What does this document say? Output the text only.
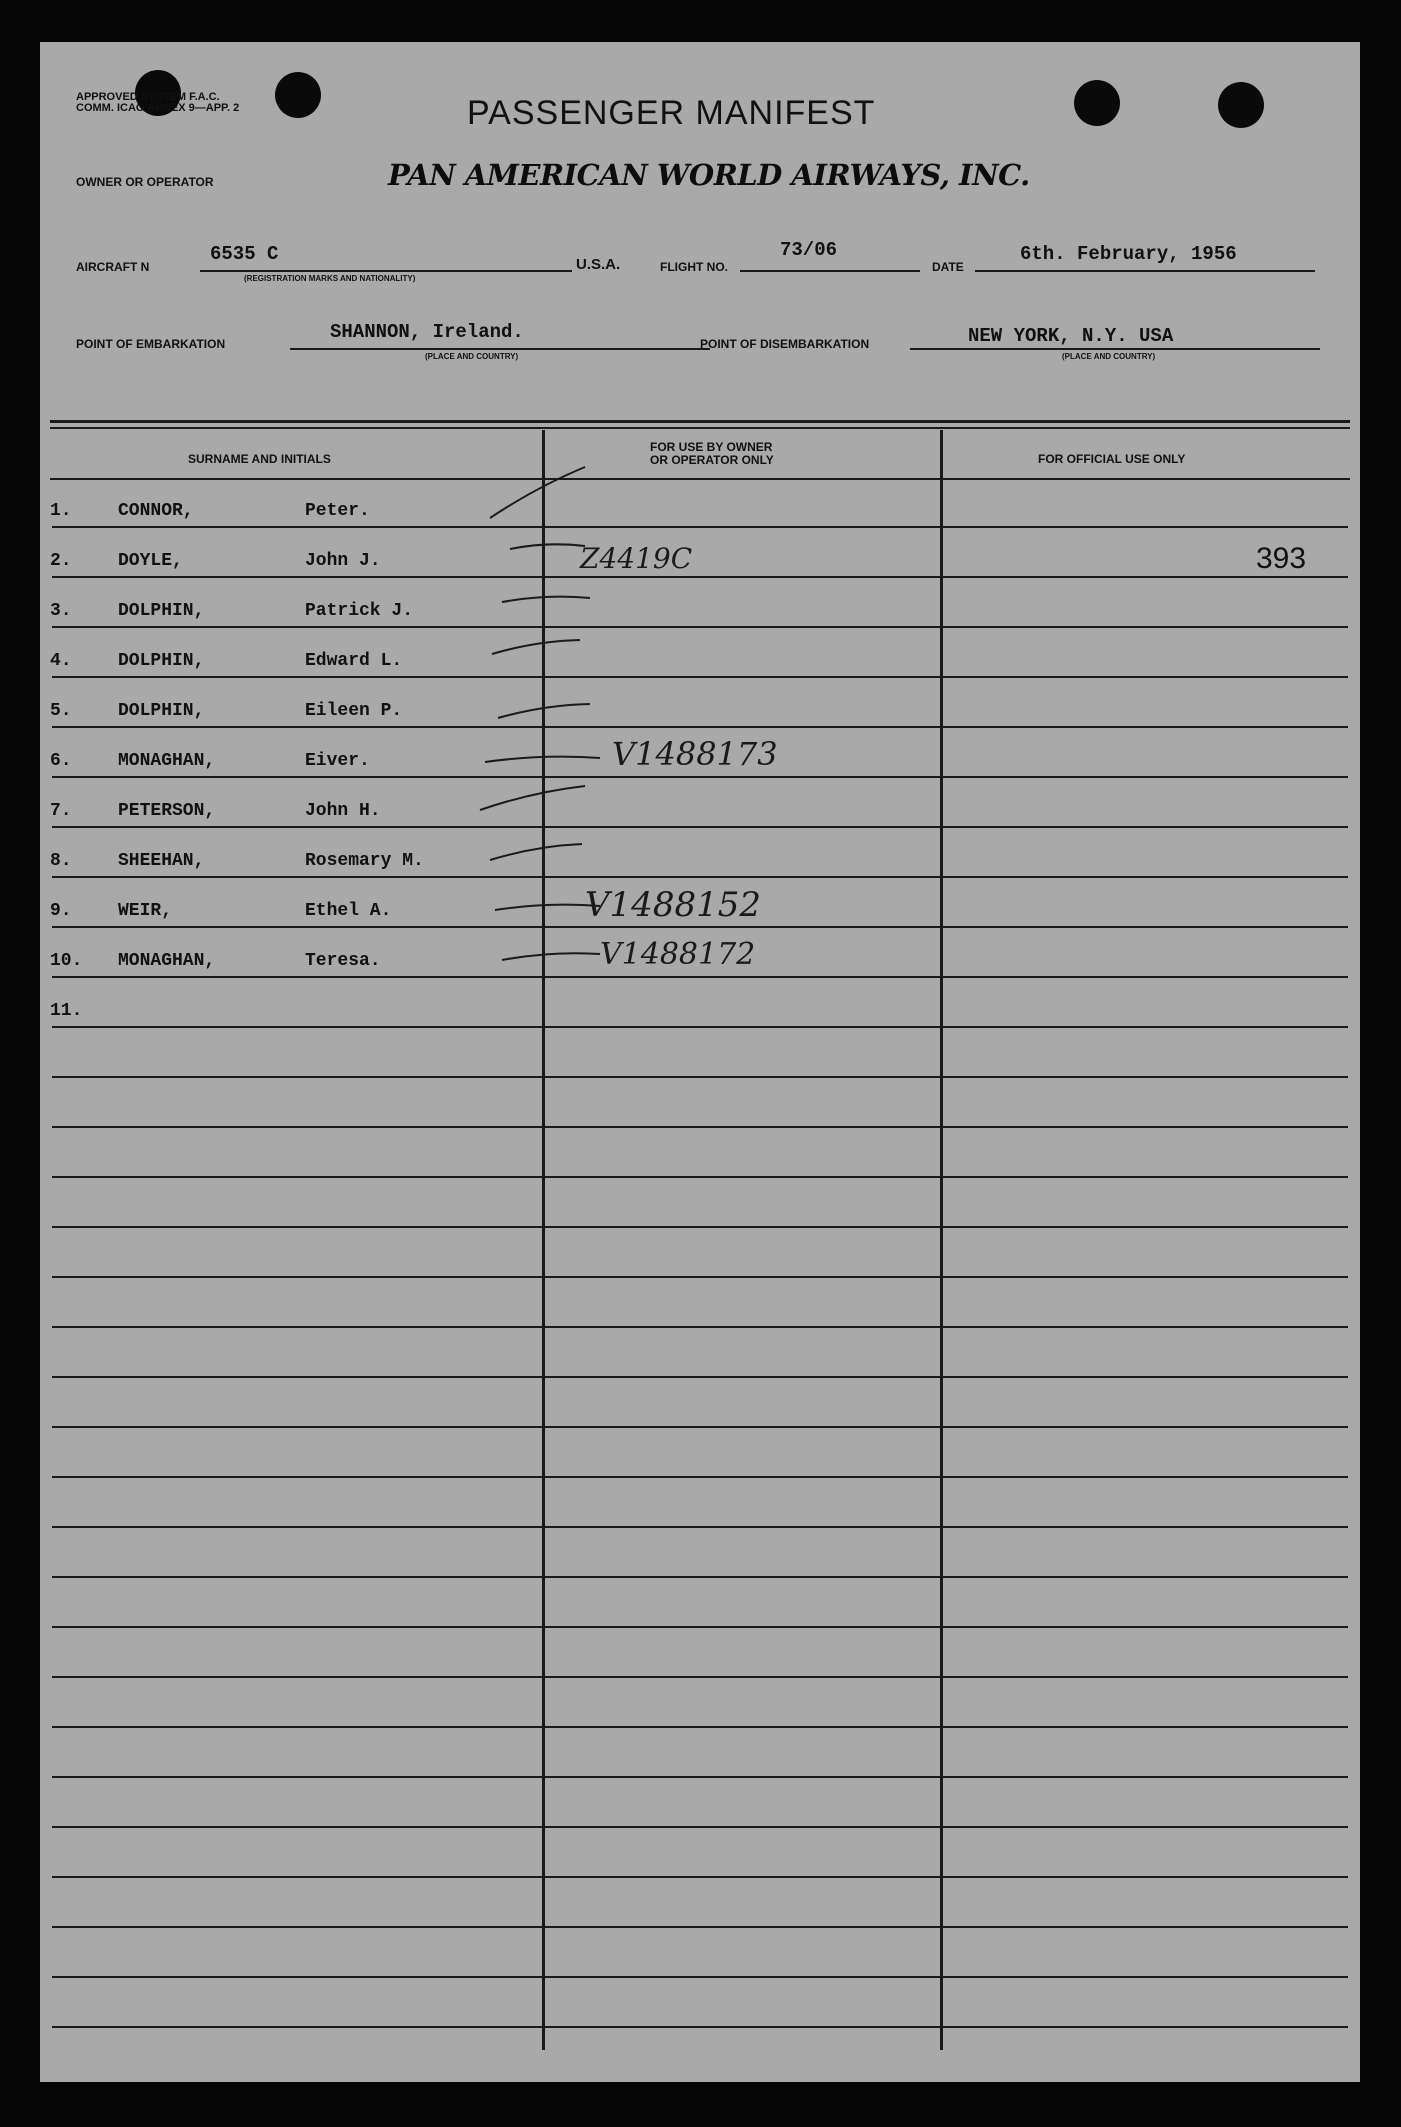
APPROVED SYSTEM F.A.C. COMM. ICAO ANNEX 9—APP. 2	PASSENGER MANIFEST
OWNER OR OPERATOR	PAN AMERICAN WORLD AIRWAYS, INC.
AIRCRAFT N
6535 C
(REGISTRATION MARKS AND NATIONALITY)
U.S.A.	FLIGHT NO.
73/06
DATE
6th. February, 1956
POINT OF EMBARKATION
SHANNON, Ireland.
(PLACE AND COUNTRY)
POINT OF DISEMBARKATION	NEW YORK, N.Y. USA
(PLACE AND COUNTRY)
SURNAME AND INITIALS
FOR USE BY OWNER
OR OPERATOR ONLY	FOR OFFICIAL USE ONLY
1.	CONNOR,	Peter.
2.	DOYLE,	John J.	Z4419C	393
3.	DOLPHIN,	Patrick J.
4.	DOLPHIN,	Edward L.
5.	DOLPHIN,	Eileen P.
6.	MONAGHAN,	Eiver.	V1488173
7.	PETERSON,	John H.
8.	SHEEHAN,	Rosemary M.
9.	WEIR,	Ethel A.	V1488152
10. MONAGHAN,	Teresa.	V1488172
11.
